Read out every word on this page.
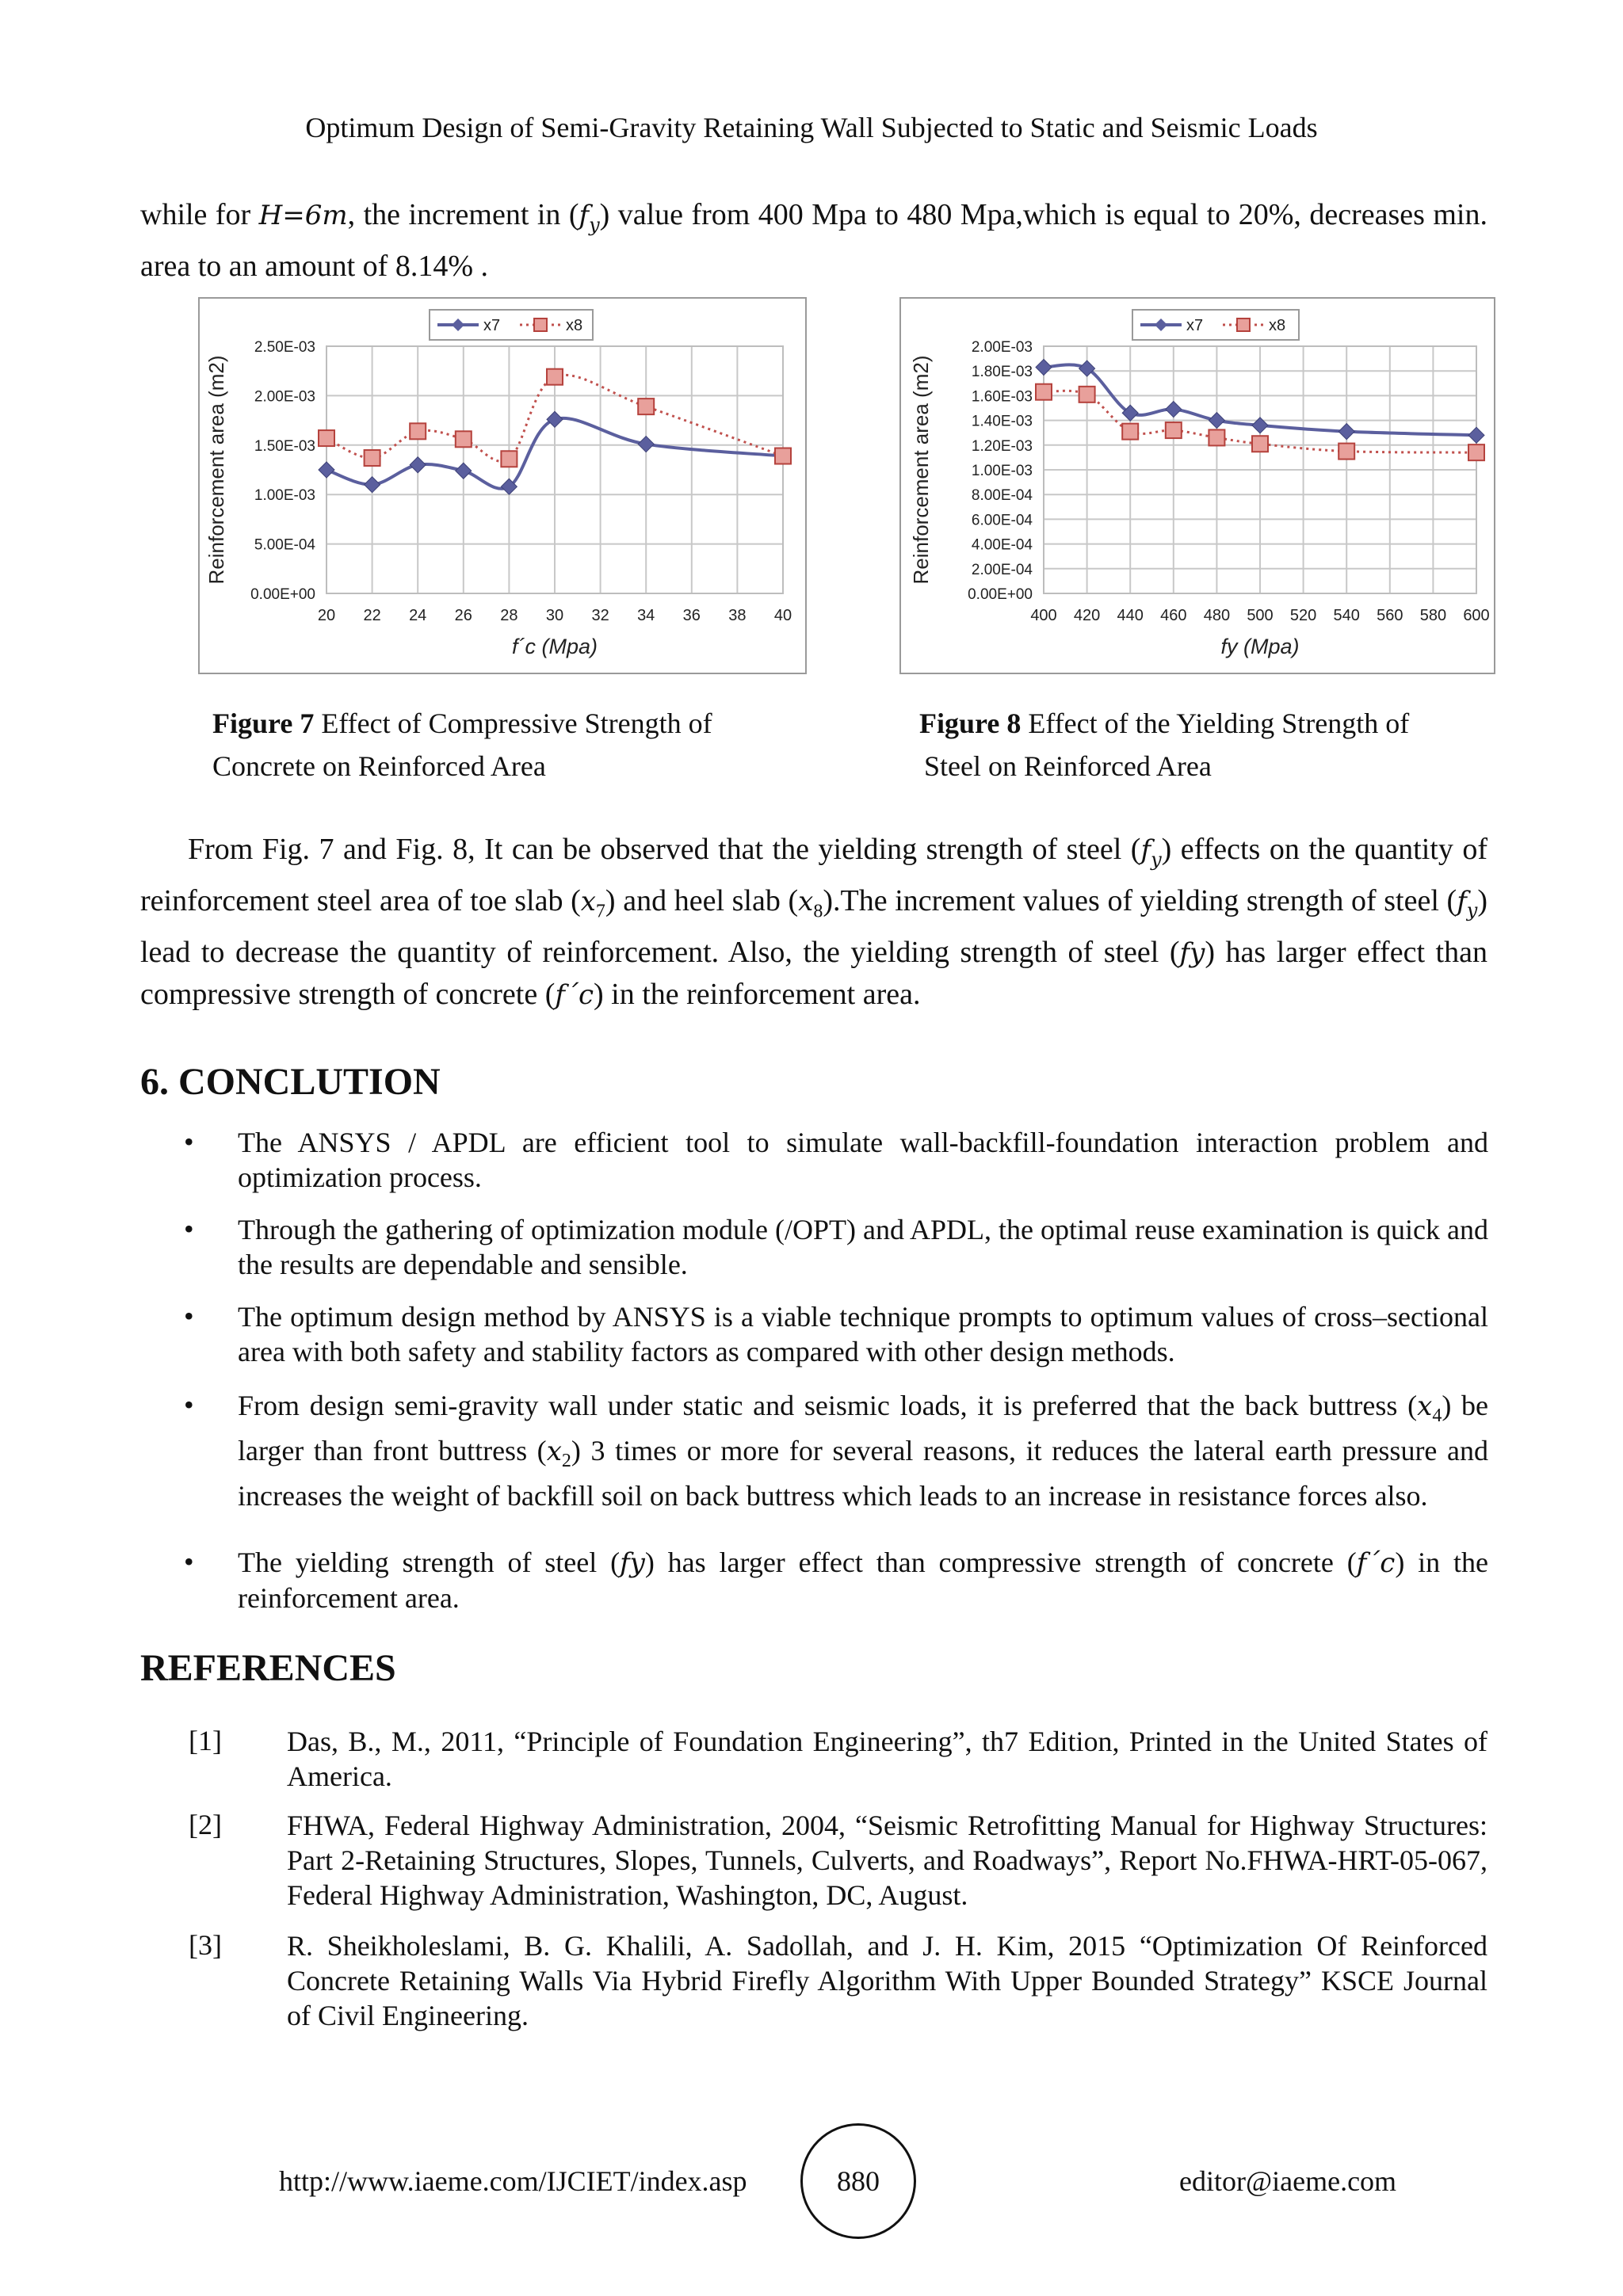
Optimum Design of Semi-Gravity Retaining Wall Subjected to Static and Seismic Loads
while for H=6m, the increment in $(f_y)$ value from 400 Mpa to 480 Mpa,which is equal to 20%, decreases min. area to an amount of 8.14% .
20 22 24 26 28 30 32 34 36 38 40
0.00E+00
5.00E-04
1.00E-03
1.50E-03
2.00E-03
2.50E-03
f´c (Mpa)
Reinforcement area (m2)
x7	x8
400 420 440 460 480 500 520 540 560 580 600
0.00E+00
2.00E-04
4.00E-04
6.00E-04
8.00E-04
1.00E-03
1.20E-03
1.40E-03
1.60E-03
1.80E-03
2.00E-03
fy (Mpa)
Reinforcement area (m2)
x7	x8
Figure 7 Effect of Compressive Strength of
Concrete on Reinforced Area
Figure 8 Effect of the Yielding Strength of
Steel on Reinforced Area
From Fig. 7 and Fig. 8, It can be observed that the yielding strength of steel $(f_y)$ effects on the quantity of reinforcement steel area of toe slab $(x_7)$ and heel slab $(x_8).The$ increment values of yielding strength of steel $(f_y)$ lead to decrease the quantity of reinforcement. Also, the yielding strength of steel (fy) has larger effect than compressive strength of concrete (f´c) in the reinforcement area.
6. CONCLUTION
• The ANSYS / APDL are efficient tool to simulate wall-backfill-foundation interaction problem and optimization process.
• Through the gathering of optimization module (/OPT) and APDL, the optimal reuse examination is quick and the results are dependable and sensible.
• The optimum design method by ANSYS is a viable technique prompts to optimum values of cross–sectional area with both safety and stability factors as compared with other design methods.
• From design semi-gravity wall under static and seismic loads, it is preferred that the back buttress $(x_4)$ be larger than front buttress $(x_2)$ 3 times or more for several reasons, it reduces the lateral earth pressure and increases the weight of backfill soil on back buttress which leads to an increase in resistance forces also.
• The yielding strength of steel (fy) has larger effect than compressive strength of concrete (f´c) in the reinforcement area.
REFERENCES
[1] Das, B., M., 2011, “Principle of Foundation Engineering”, th7 Edition, Printed in the United States of America.
[2] FHWA, Federal Highway Administration, 2004, “Seismic Retrofitting Manual for Highway Structures: Part 2-Retaining Structures, Slopes, Tunnels, Culverts, and Roadways”, Report No.FHWA-HRT-05-067, Federal Highway Administration, Washington, DC, August.
[3] R. Sheikholeslami, B. G. Khalili, A. Sadollah, and J. H. Kim, 2015 “Optimization Of Reinforced Concrete Retaining Walls Via Hybrid Firefly Algorithm With Upper Bounded Strategy” KSCE Journal of Civil Engineering.
http://www.iaeme.com/IJCIET/index.asp	880	editor@iaeme.com
